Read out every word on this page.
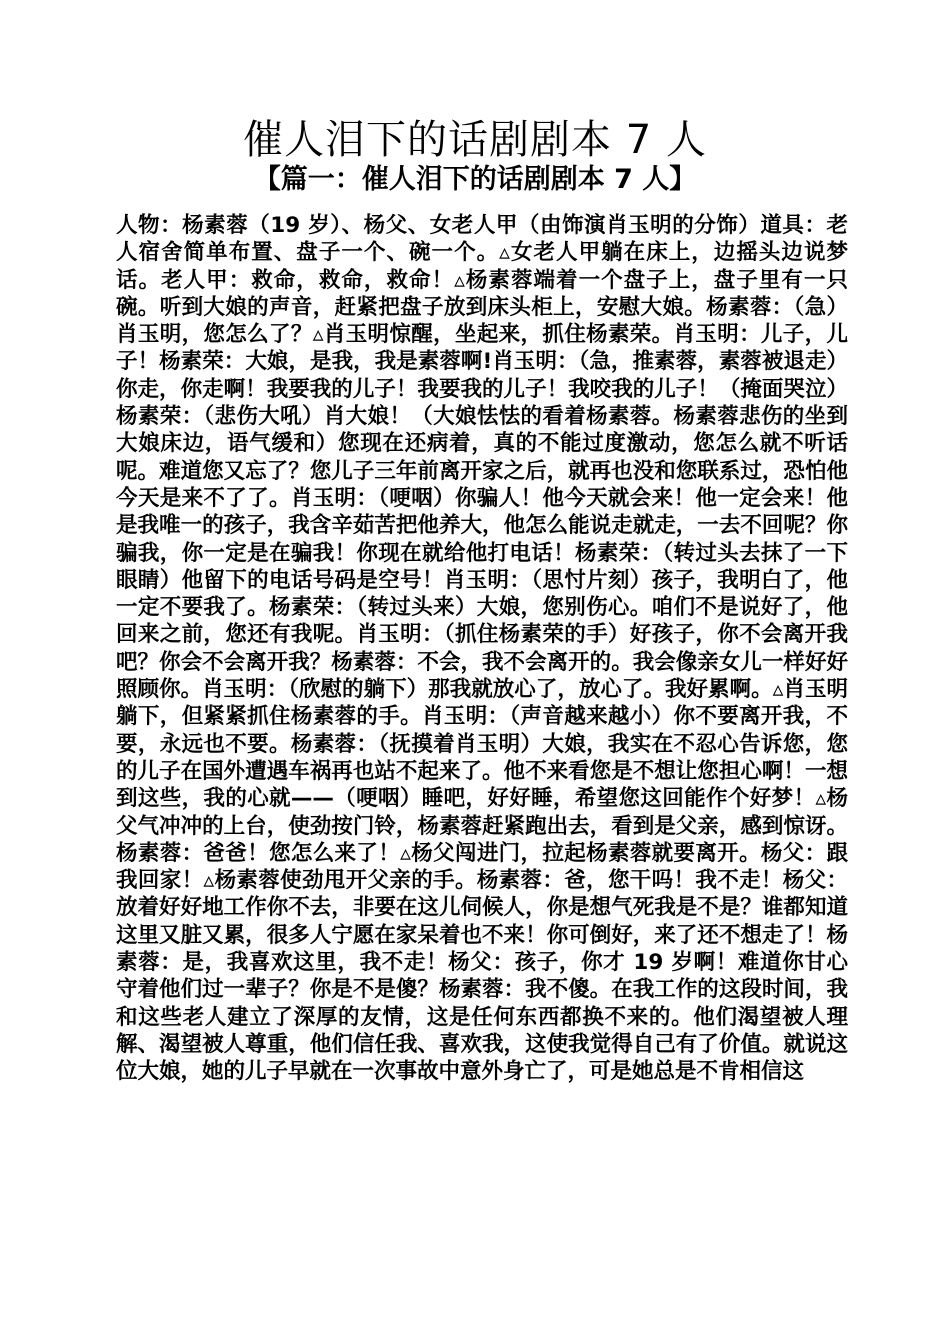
催人泪下的话剧剧本 7 人
【篇一：催人泪下的话剧剧本 7 人】

人物：杨素蓉（19 岁）、杨父、女老人甲（由饰演肖玉明的分饰）道具：老人宿舍简单布置、盘子一个、碗一个。▵女老人甲躺在床上，边摇头边说梦话。老人甲：救命，救命，救命！▵杨素蓉端着一个盘子上，盘子里有一只碗。听到大娘的声音，赶紧把盘子放到床头柜上，安慰大娘。杨素蓉：（急）肖玉明，您怎么了？▵肖玉明惊醒，坐起来，抓住杨素荣。肖玉明：儿子，儿子！杨素荣：大娘，是我，我是素蓉啊!肖玉明：（急，推素蓉，素蓉被退走）你走，你走啊！我要我的儿子！我要我的儿子！我咬我的儿子！（掩面哭泣）杨素荣：（悲伤大吼）肖大娘！（大娘怯怯的看着杨素蓉。杨素蓉悲伤的坐到大娘床边，语气缓和）您现在还病着，真的不能过度激动，您怎么就不听话呢。难道您又忘了？您儿子三年前离开家之后，就再也没和您联系过，恐怕他今天是来不了了。肖玉明：（哽咽）你骗人！他今天就会来！他一定会来！他是我唯一的孩子，我含辛茹苦把他养大，他怎么能说走就走，一去不回呢？你骗我，你一定是在骗我！你现在就给他打电话！杨素荣：（转过头去抹了一下眼睛）他留下的电话号码是空号！肖玉明：（思忖片刻）孩子，我明白了，他一定不要我了。杨素荣：（转过头来）大娘，您别伤心。咱们不是说好了，他回来之前，您还有我呢。肖玉明：（抓住杨素荣的手）好孩子，你不会离开我吧？你会不会离开我？杨素蓉：不会，我不会离开的。我会像亲女儿一样好好照顾你。肖玉明：（欣慰的躺下）那我就放心了，放心了。我好累啊。▵肖玉明躺下，但紧紧抓住杨素蓉的手。肖玉明：（声音越来越小）你不要离开我，不要，永远也不要。杨素蓉：（抚摸着肖玉明）大娘，我实在不忍心告诉您，您的儿子在国外遭遇车祸再也站不起来了。他不来看您是不想让您担心啊！一想到这些，我的心就——（哽咽）睡吧，好好睡，希望您这回能作个好梦！▵杨父气冲冲的上台，使劲按门铃，杨素蓉赶紧跑出去，看到是父亲，感到惊讶。杨素蓉：爸爸！您怎么来了！▵杨父闯进门，拉起杨素蓉就要离开。杨父：跟我回家！▵杨素蓉使劲甩开父亲的手。杨素蓉：爸，您干吗！我不走！杨父：放着好好地工作你不去，非要在这儿伺候人，你是想气死我是不是？谁都知道这里又脏又累，很多人宁愿在家呆着也不来！你可倒好，来了还不想走了！杨素蓉：是，我喜欢这里，我不走！杨父：孩子，你才 19 岁啊！难道你甘心守着他们过一辈子？你是不是傻？杨素蓉：我不傻。在我工作的这段时间，我和这些老人建立了深厚的友情，这是任何东西都换不来的。他们渴望被人理解、渴望被人尊重，他们信任我、喜欢我，这使我觉得自己有了价值。就说这位大娘，她的儿子早就在一次事故中意外身亡了，可是她总是不肯相信这
